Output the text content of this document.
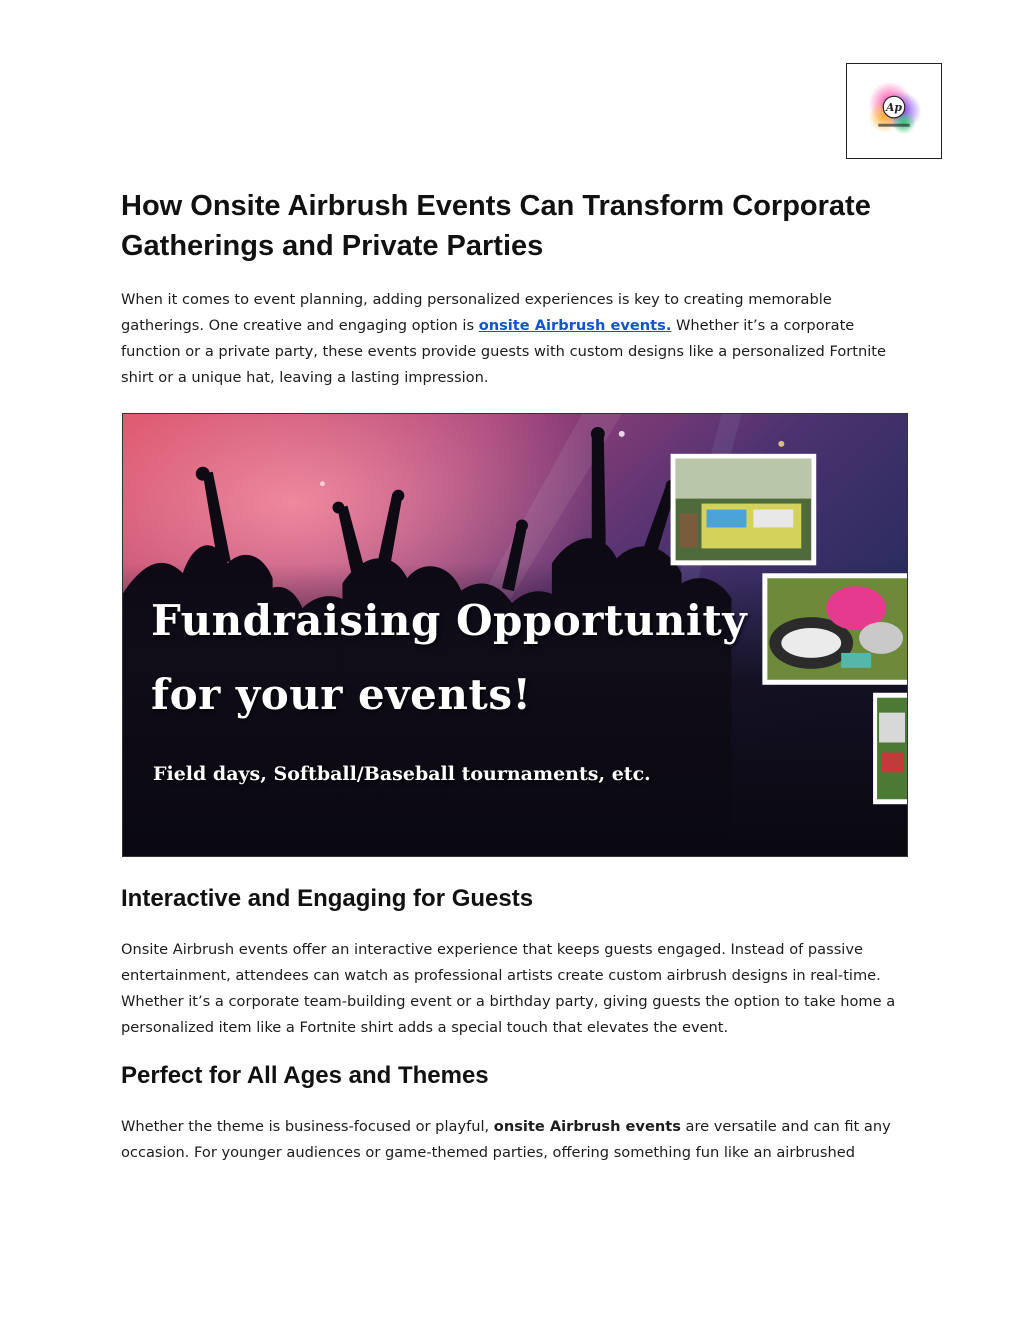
Ap
How Onsite Airbrush Events Can Transform Corporate Gatherings and Private Parties

When it comes to event planning, adding personalized experiences is key to creating memorable gatherings. One creative and engaging option is onsite Airbrush events. Whether it’s a corporate function or a private party, these events provide guests with custom designs like a personalized Fortnite shirt or a unique hat, leaving a lasting impression.

Fundraising Opportunity
for your events!
Field days, Softball/Baseball tournaments, etc.
Interactive and Engaging for Guests

Onsite Airbrush events offer an interactive experience that keeps guests engaged. Instead of passive entertainment, attendees can watch as professional artists create custom airbrush designs in real-time. Whether it’s a corporate team-building event or a birthday party, giving guests the option to take home a personalized item like a Fortnite shirt adds a special touch that elevates the event.

Perfect for All Ages and Themes

Whether the theme is business-focused or playful, onsite Airbrush events are versatile and can fit any occasion. For younger audiences or game-themed parties, offering something fun like an airbrushed
